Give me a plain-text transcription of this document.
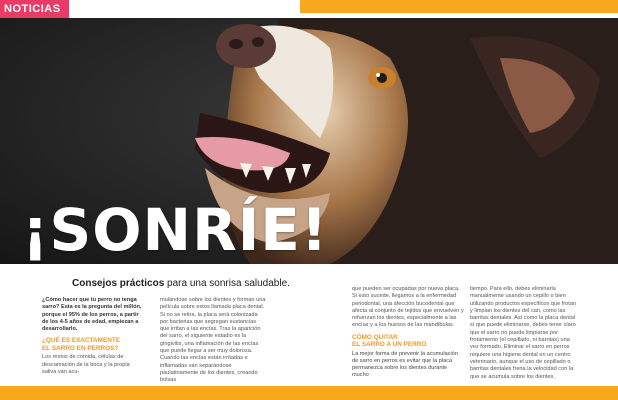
NOTICIAS
¡SONRÍE!
Consejos prácticos para una sonrisa saludable.

¿Cómo hacer que tu perro no tenga sarro? Esta es la pregunta del millón, porque el 95% de los perros, a partir de los 4-5 años de edad, empiezan a desarrollarlo.

¿QUÉ ES EXACTAMENTE
EL SARRO EN PERROS?

Los restos de comida, células de descamación de la boca y la propia saliva van acu-

mulándose sobre los dientes y forman una película sobre estos llamada placa dental. Si no se retira, la placa será colonizada por bacterias que segregan sustancias que irritan a las encías. Tras la aparición del sarro, el siguiente estadio es la gingivitis, una inflamación de las encías que puede llegar a ser muy dolorosa. Cuando las encías están irritadas e inflamadas van separándose paulatinamente de los dientes, creando bolsas

que pueden ser ocupadas por nueva placa. Si esto sucede, llegamos a la enfermedad periodontal, una afección bucodental que afecta al conjunto de tejidos que envuelven y refuerzan los dientes, especialmente a las encías y a los huesos de las mandíbulas.

CÓMO QUITAR
EL SARRO A UN PERRO

La mejor forma de prevenir la acumulación de sarro en perros es evitar que la placa permanezca sobre los dientes durante mucho

tiempo. Para ello, debes eliminarla manualmente usando un cepillo o bien utilizando productos específicos que frotan y limpian los dientes del can, como las barritas dentales. Así como la placa dental sí que puede eliminarse, debes tener claro que el sarro no puede limpiarse por frotamiento (el cepillado, ni barritas) una vez formado. Eliminar el sarro en perros requiere una higiene dental en un centro veterinario, aunque el uso de cepillado o barritas dentales frena la velocidad con la que se acumula sobre los dientes.
